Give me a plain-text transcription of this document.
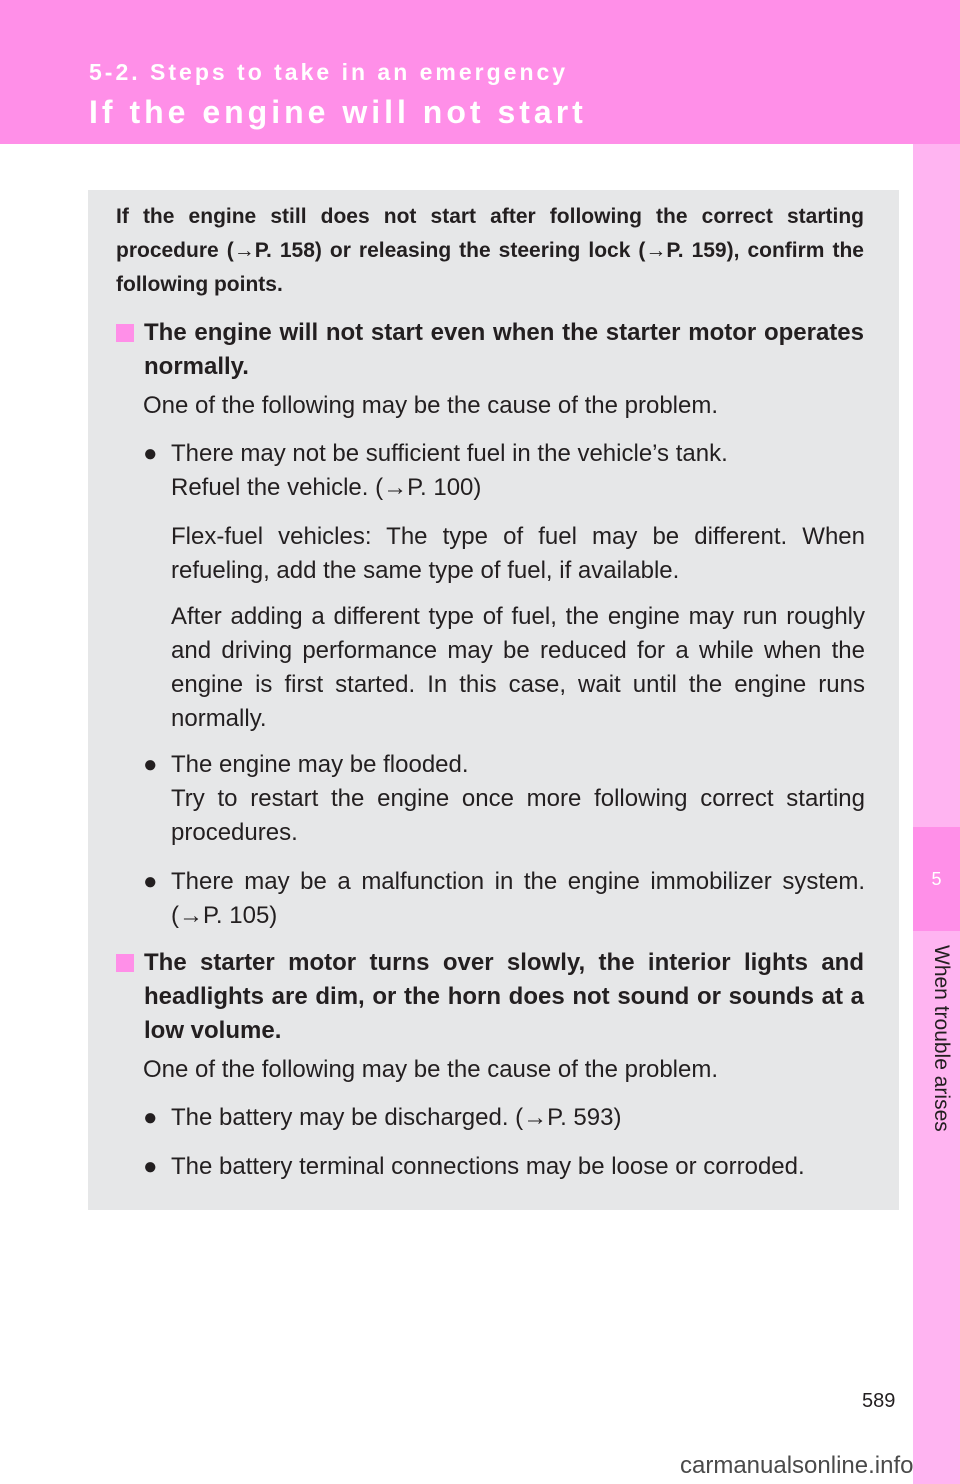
5-2. Steps to take in an emergency
If the engine will not start
5
When trouble arises
If the engine still does not start after following the correct starting procedure (→P. 158) or releasing the steering lock (→P. 159), confirm the following points.
The engine will not start even when the starter motor operates normally.
One of the following may be the cause of the problem.
● There may not be sufficient fuel in the vehicle’s tank.
Refuel the vehicle. (→P. 100)
Flex-fuel vehicles: The type of fuel may be different. When refueling, add the same type of fuel, if available.
After adding a different type of fuel, the engine may run roughly and driving performance may be reduced for a while when the engine is first started. In this case, wait until the engine runs normally.
● The engine may be flooded.
Try to restart the engine once more following correct starting procedures.
● There may be a malfunction in the engine immobilizer system. (→P. 105)
The starter motor turns over slowly, the interior lights and headlights are dim, or the horn does not sound or sounds at a low volume.
One of the following may be the cause of the problem.
● The battery may be discharged. (→P. 593)
● The battery terminal connections may be loose or corroded.
589
carmanualsonline.info
